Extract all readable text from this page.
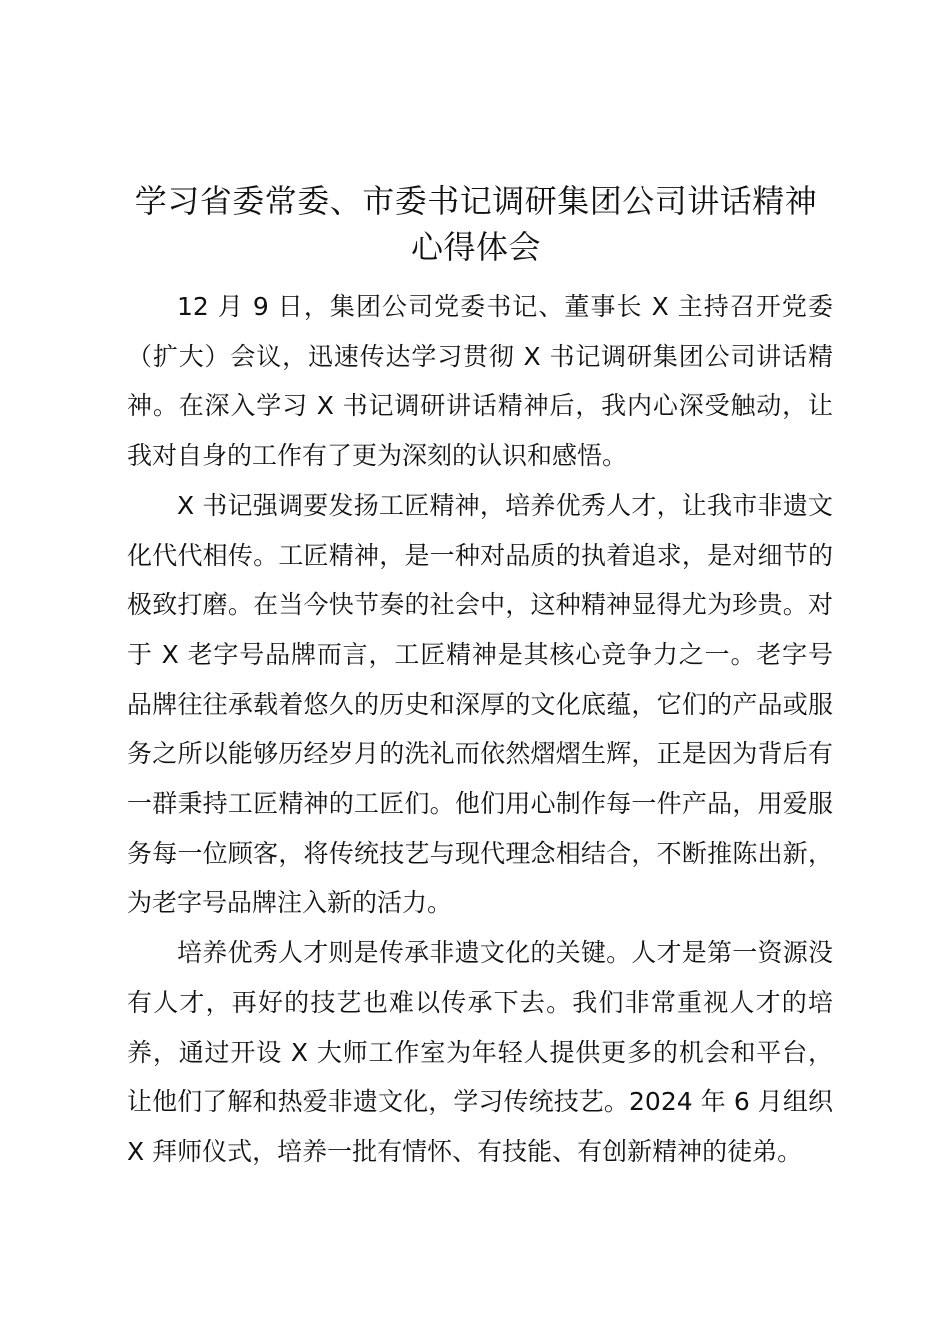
学习省委常委、市委书记调研集团公司讲话精神心得体会

12 月 9 日，集团公司党委书记、董事长 X 主持召开党委（扩大）会议，迅速传达学习贯彻 X 书记调研集团公司讲话精神。在深入学习 X 书记调研讲话精神后，我内心深受触动，让我对自身的工作有了更为深刻的认识和感悟。

X 书记强调要发扬工匠精神，培养优秀人才，让我市非遗文化代代相传。工匠精神，是一种对品质的执着追求，是对细节的极致打磨。在当今快节奏的社会中，这种精神显得尤为珍贵。对于 X 老字号品牌而言，工匠精神是其核心竞争力之一。老字号品牌往往承载着悠久的历史和深厚的文化底蕴，它们的产品或服务之所以能够历经岁月的洗礼而依然熠熠生辉，正是因为背后有一群秉持工匠精神的工匠们。他们用心制作每一件产品，用爱服务每一位顾客，将传统技艺与现代理念相结合，不断推陈出新，为老字号品牌注入新的活力。

培养优秀人才则是传承非遗文化的关键。人才是第一资源没有人才，再好的技艺也难以传承下去。我们非常重视人才的培养，通过开设 X 大师工作室为年轻人提供更多的机会和平台，让他们了解和热爱非遗文化，学习传统技艺。2024 年 6 月组织 X 拜师仪式，培养一批有情怀、有技能、有创新精神的徒弟。
